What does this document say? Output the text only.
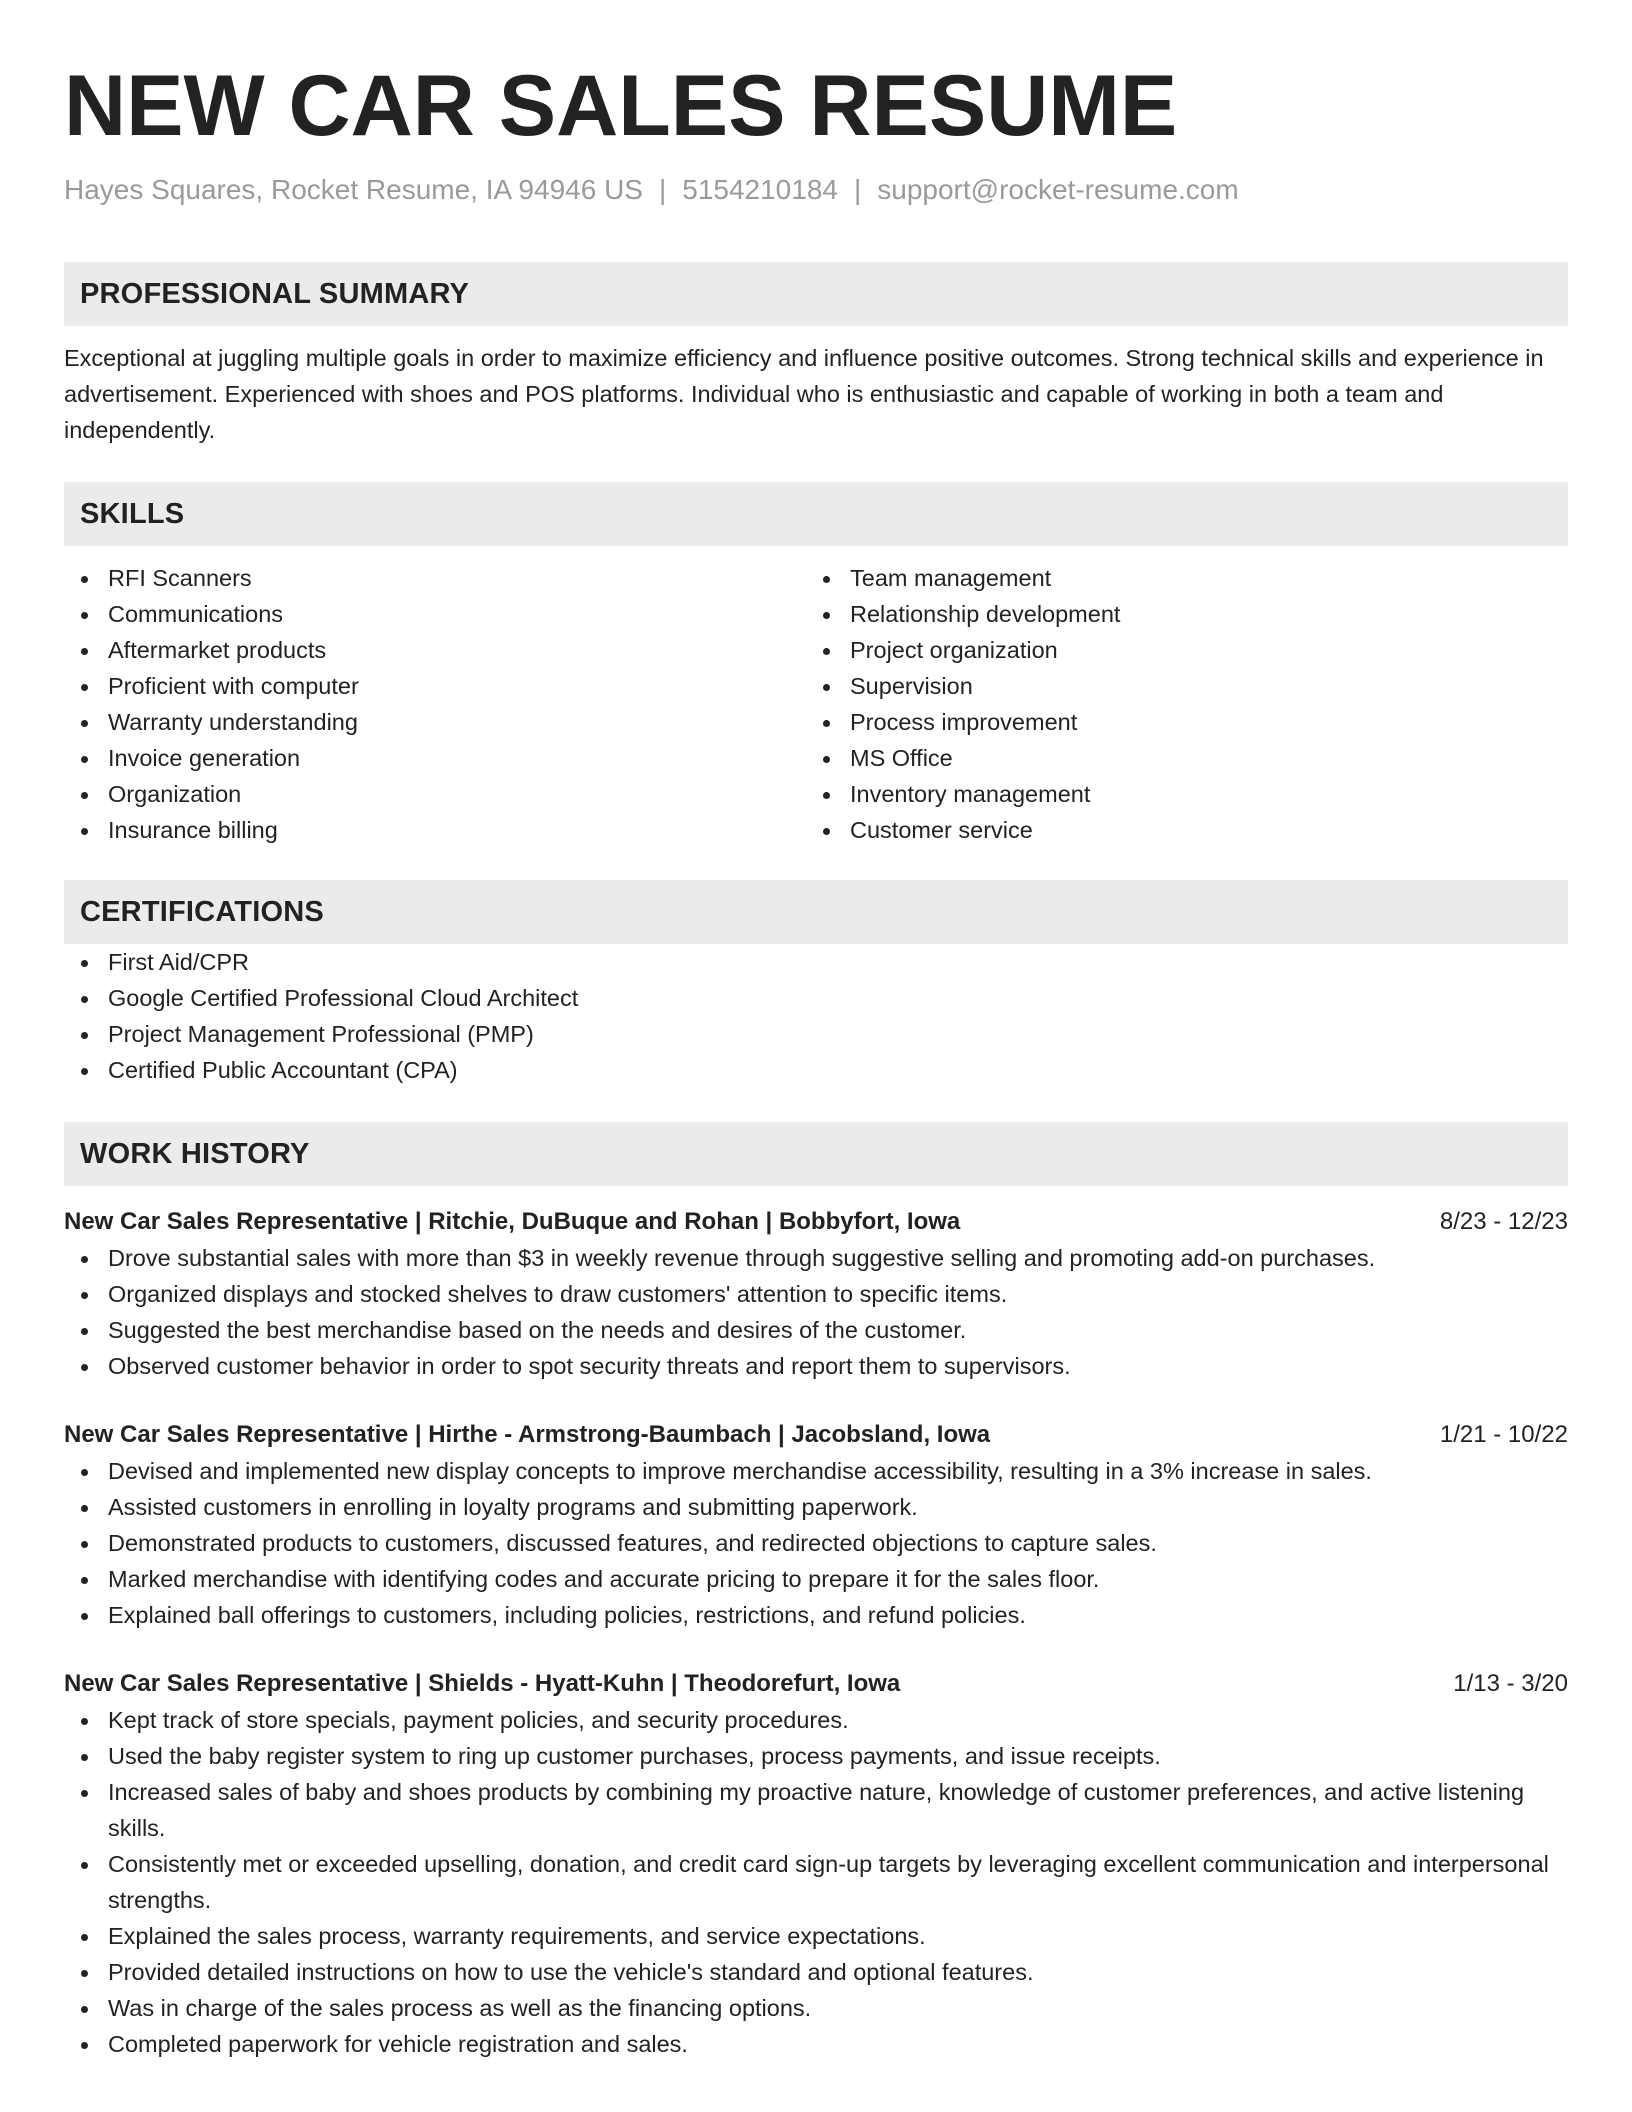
NEW CAR SALES RESUME
Hayes Squares, Rocket Resume, IA 94946 US | 5154210184 | support@rocket-resume.com
PROFESSIONAL SUMMARY
Exceptional at juggling multiple goals in order to maximize efficiency and influence positive outcomes. Strong technical skills and experience in advertisement. Experienced with shoes and POS platforms. Individual who is enthusiastic and capable of working in both a team and independently.
SKILLS
RFI Scanners
Communications
Aftermarket products
Proficient with computer
Warranty understanding
Invoice generation
Organization
Insurance billing
Team management
Relationship development
Project organization
Supervision
Process improvement
MS Office
Inventory management
Customer service
CERTIFICATIONS
First Aid/CPR
Google Certified Professional Cloud Architect
Project Management Professional (PMP)
Certified Public Accountant (CPA)
WORK HISTORY
New Car Sales Representative | Ritchie, DuBuque and Rohan | Bobbyfort, Iowa	8/23 - 12/23
Drove substantial sales with more than $3 in weekly revenue through suggestive selling and promoting add-on purchases.
Organized displays and stocked shelves to draw customers' attention to specific items.
Suggested the best merchandise based on the needs and desires of the customer.
Observed customer behavior in order to spot security threats and report them to supervisors.
New Car Sales Representative | Hirthe - Armstrong-Baumbach | Jacobsland, Iowa	1/21 - 10/22
Devised and implemented new display concepts to improve merchandise accessibility, resulting in a 3% increase in sales.
Assisted customers in enrolling in loyalty programs and submitting paperwork.
Demonstrated products to customers, discussed features, and redirected objections to capture sales.
Marked merchandise with identifying codes and accurate pricing to prepare it for the sales floor.
Explained ball offerings to customers, including policies, restrictions, and refund policies.
New Car Sales Representative | Shields - Hyatt-Kuhn | Theodorefurt, Iowa	1/13 - 3/20
Kept track of store specials, payment policies, and security procedures.
Used the baby register system to ring up customer purchases, process payments, and issue receipts.
Increased sales of baby and shoes products by combining my proactive nature, knowledge of customer preferences, and active listening skills.
Consistently met or exceeded upselling, donation, and credit card sign-up targets by leveraging excellent communication and interpersonal strengths.
Explained the sales process, warranty requirements, and service expectations.
Provided detailed instructions on how to use the vehicle's standard and optional features.
Was in charge of the sales process as well as the financing options.
Completed paperwork for vehicle registration and sales.
